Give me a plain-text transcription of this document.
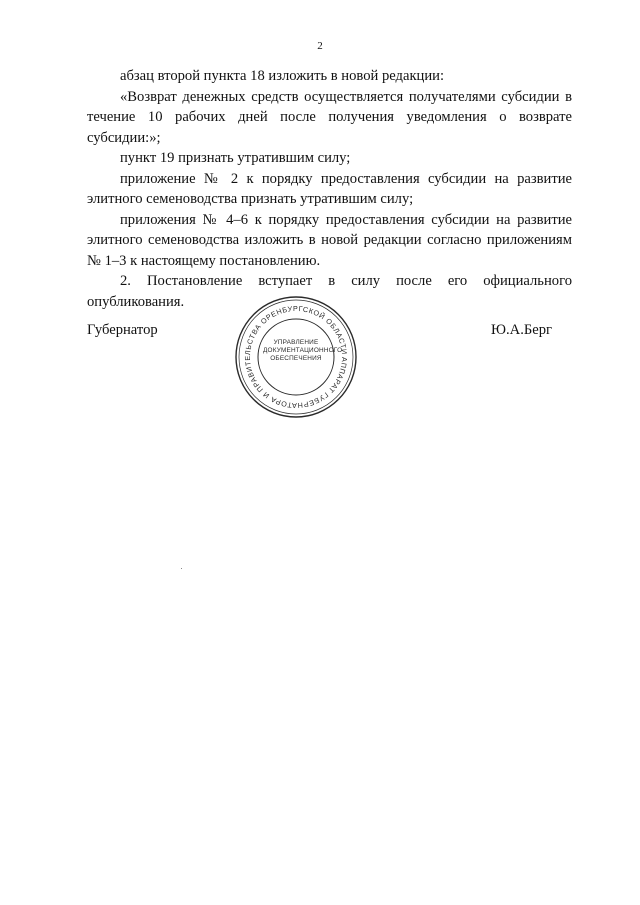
2

абзац второй пункта 18 изложить в новой редакции:

«Возврат денежных средств осуществляется получателями субсидии в течение 10 рабочих дней после получения уведомления о возврате субсидии:»;

пункт 19 признать утратившим силу;

приложение № 2 к порядку предоставления субсидии на развитие элитного семеноводства признать утратившим силу;

приложения № 4–6 к порядку предоставления субсидии на развитие элитного семеноводства изложить в новой редакции согласно приложениям № 1–3 к настоящему постановлению.

2. Постановление вступает в силу после его официального опубликования.

Губернатор	Ю.А.Берг
АППАРАТ ГУБЕРНАТОРА И ПРАВИТЕЛЬСТВА ОРЕНБУРГСКОЙ ОБЛАСТИ
УПРАВЛЕНИЕ
ДОКУМЕНТАЦИОННОГО
ОБЕСПЕЧЕНИЯ
